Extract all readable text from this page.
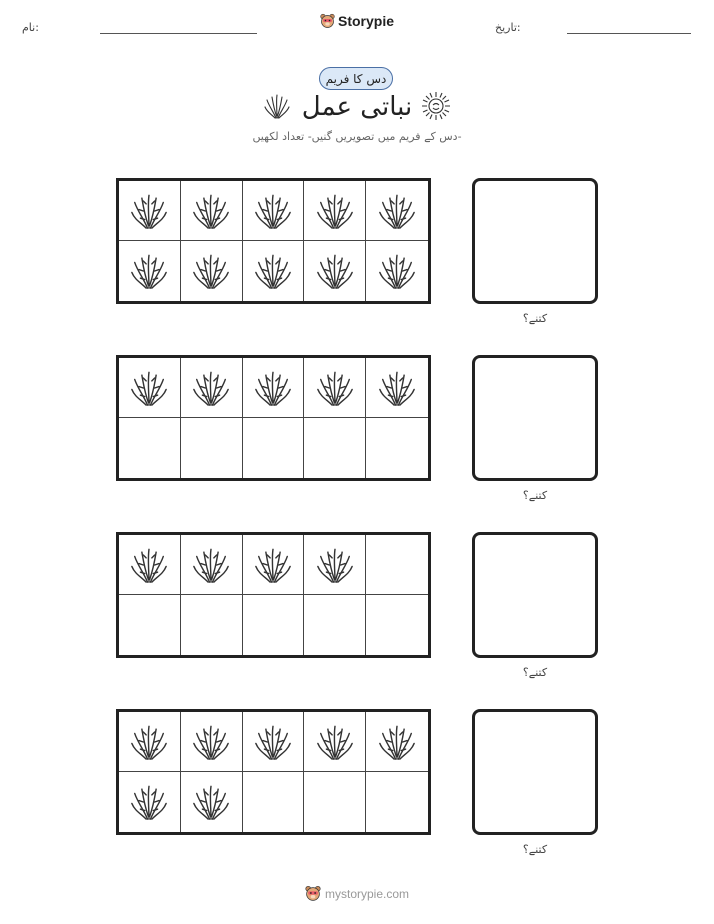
نام:	Storypie	تاریخ:
دس کا فریم
نباتی عمل
دس کے فریم میں تصویریں گنیں- تعداد لکھیں-
کتنے؟
کتنے؟
کتنے؟
کتنے؟
mystorypie.com
